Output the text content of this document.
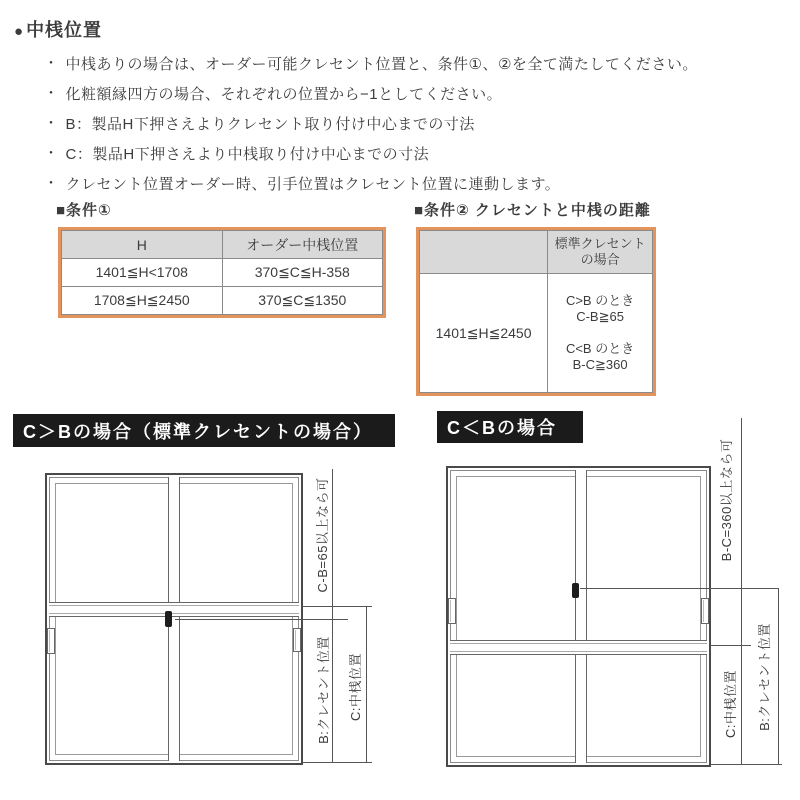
● 中桟位置
・ 中桟ありの場合は、オーダー可能クレセント位置と、条件①、②を全て満たしてください。
・ 化粧額縁四方の場合、それぞれの位置から−1としてください。
・ B：製品H下押さえよりクレセント取り付け中心までの寸法
・ C：製品H下押さえより中桟取り付け中心までの寸法
・ クレセント位置オーダー時、引手位置はクレセント位置に連動します。
■条件①
H	オーダー中桟位置
1401≦H<1708	370≦C≦H-358
1708≦H≦2450	370≦C≦1350
■条件② クレセントと中桟の距離

	標準クレセント
の場合

1401≦H≦2450	C>B のとき
C-B≧65
C<B のとき
B-C≧360
C＞Bの場合（標準クレセントの場合）
C-B=65以上なら可
B:クレセント位置 C:中桟位置
C＜Bの場合
B-C=360以上なら可
C:中桟位置 B:クレセント位置
